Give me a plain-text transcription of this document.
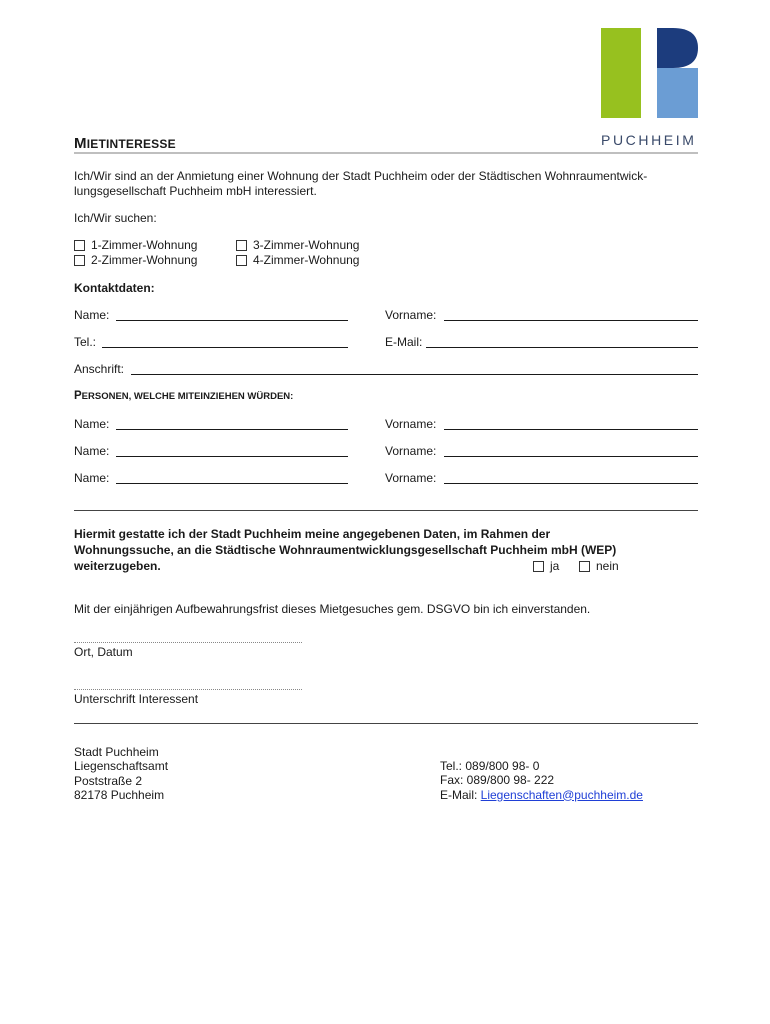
PUCHHEIM
MIETINTERESSE
Ich/Wir sind an der Anmietung einer Wohnung der Stadt Puchheim oder der Städtischen Wohnraumentwick-
lungsgesellschaft Puchheim mbH interessiert.
Ich/Wir suchen:
1-Zimmer-Wohnung
2-Zimmer-Wohnung
3-Zimmer-Wohnung
4-Zimmer-Wohnung
Kontaktdaten:
Name:	Vorname:
Tel.:	E-Mail:
Anschrift:
PERSONEN, WELCHE MITEINZIEHEN WÜRDEN:
Name:	Vorname:
Name:	Vorname:
Name:	Vorname:
Hiermit gestatte ich der Stadt Puchheim meine angegebenen Daten, im Rahmen der
Wohnungssuche, an die Städtische Wohnraumentwicklungsgesellschaft Puchheim mbH (WEP)
weiterzugeben.	ja	nein
Mit der einjährigen Aufbewahrungsfrist dieses Mietgesuches gem. DSGVO bin ich einverstanden.
Ort, Datum
Unterschrift Interessent
Stadt Puchheim
Liegenschaftsamt
Poststraße 2
82178 Puchheim
Tel.: 089/800 98- 0
Fax: 089/800 98- 222
E-Mail: Liegenschaften@puchheim.de
